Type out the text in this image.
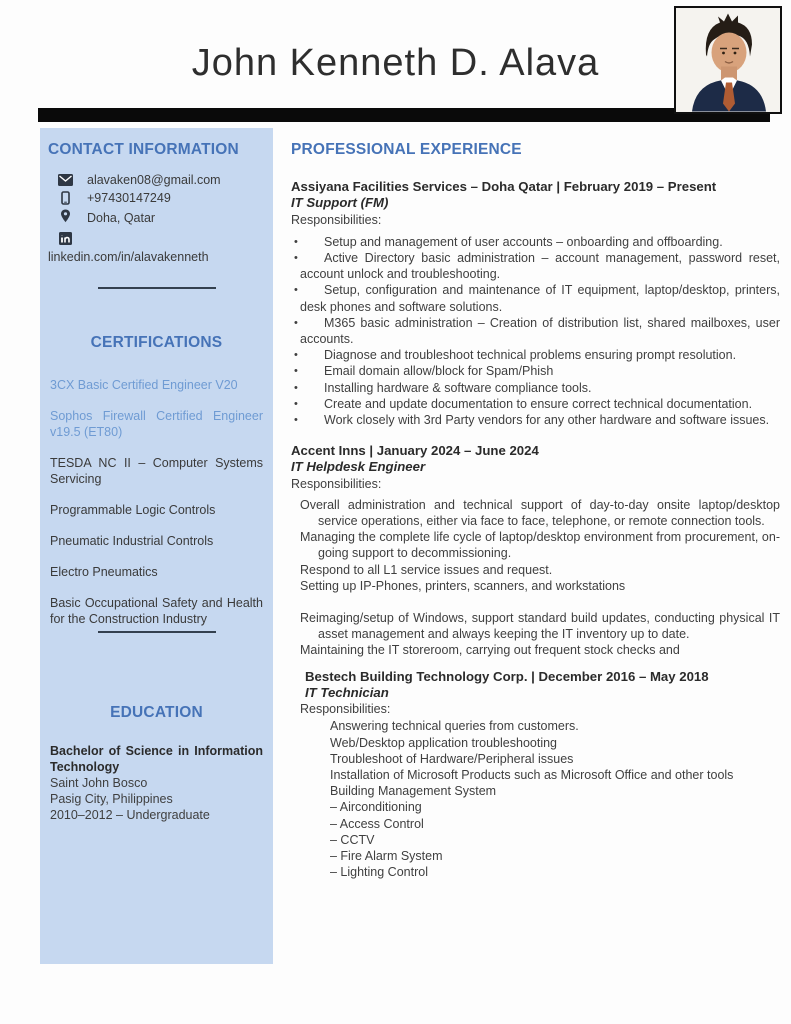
John Kenneth D. Alava
CONTACT INFORMATION
alavaken08@gmail.com
+97430147249
Doha, Qatar
linkedin.com/in/alavakenneth
CERTIFICATIONS

3CX Basic Certified Engineer V20

Sophos Firewall Certified Engineer v19.5 (ET80)

TESDA NC II – Computer Systems Servicing

Programmable Logic Controls

Pneumatic Industrial Controls

Electro Pneumatics

Basic Occupational Safety and Health for the Construction Industry

EDUCATION

Bachelor of Science in Information Technology

Saint John Bosco

Pasig City, Philippines

2010–2012 – Undergraduate

PROFESSIONAL EXPERIENCE

Assiyana Facilities Services – Doha Qatar | February 2019 – Present

IT Support (FM)

Responsibilities:

• Setup and management of user accounts – onboarding and offboarding.
• Active Directory basic administration – account management, password reset, account unlock and troubleshooting.
• Setup, configuration and maintenance of IT equipment, laptop/desktop, printers, desk phones and software solutions.
• M365 basic administration – Creation of distribution list, shared mailboxes, user accounts.
• Diagnose and troubleshoot technical problems ensuring prompt resolution.
• Email domain allow/block for Spam/Phish
• Installing hardware & software compliance tools.
• Create and update documentation to ensure correct technical documentation.
• Work closely with 3rd Party vendors for any other hardware and software issues.

Accent Inns | January 2024 – June 2024

IT Helpdesk Engineer

Responsibilities:

Overall administration and technical support of day-to-day onsite laptop/desktop service operations, either via face to face, telephone, or remote connection tools.

Managing the complete life cycle of laptop/desktop environment from procurement, on-going support to decommissioning.

Respond to all L1 service issues and request.

Setting up IP-Phones, printers, scanners, and workstations

Reimaging/setup of Windows, support standard build updates, conducting physical IT asset management and always keeping the IT inventory up to date.

Maintaining the IT storeroom, carrying out frequent stock checks and

Bestech Building Technology Corp. | December 2016 – May 2018

IT Technician

Responsibilities:

Answering technical queries from customers.

Web/Desktop application troubleshooting

Troubleshoot of Hardware/Peripheral issues

Installation of Microsoft Products such as Microsoft Office and other tools

Building Management System

– Airconditioning

– Access Control

– CCTV

– Fire Alarm System

– Lighting Control
